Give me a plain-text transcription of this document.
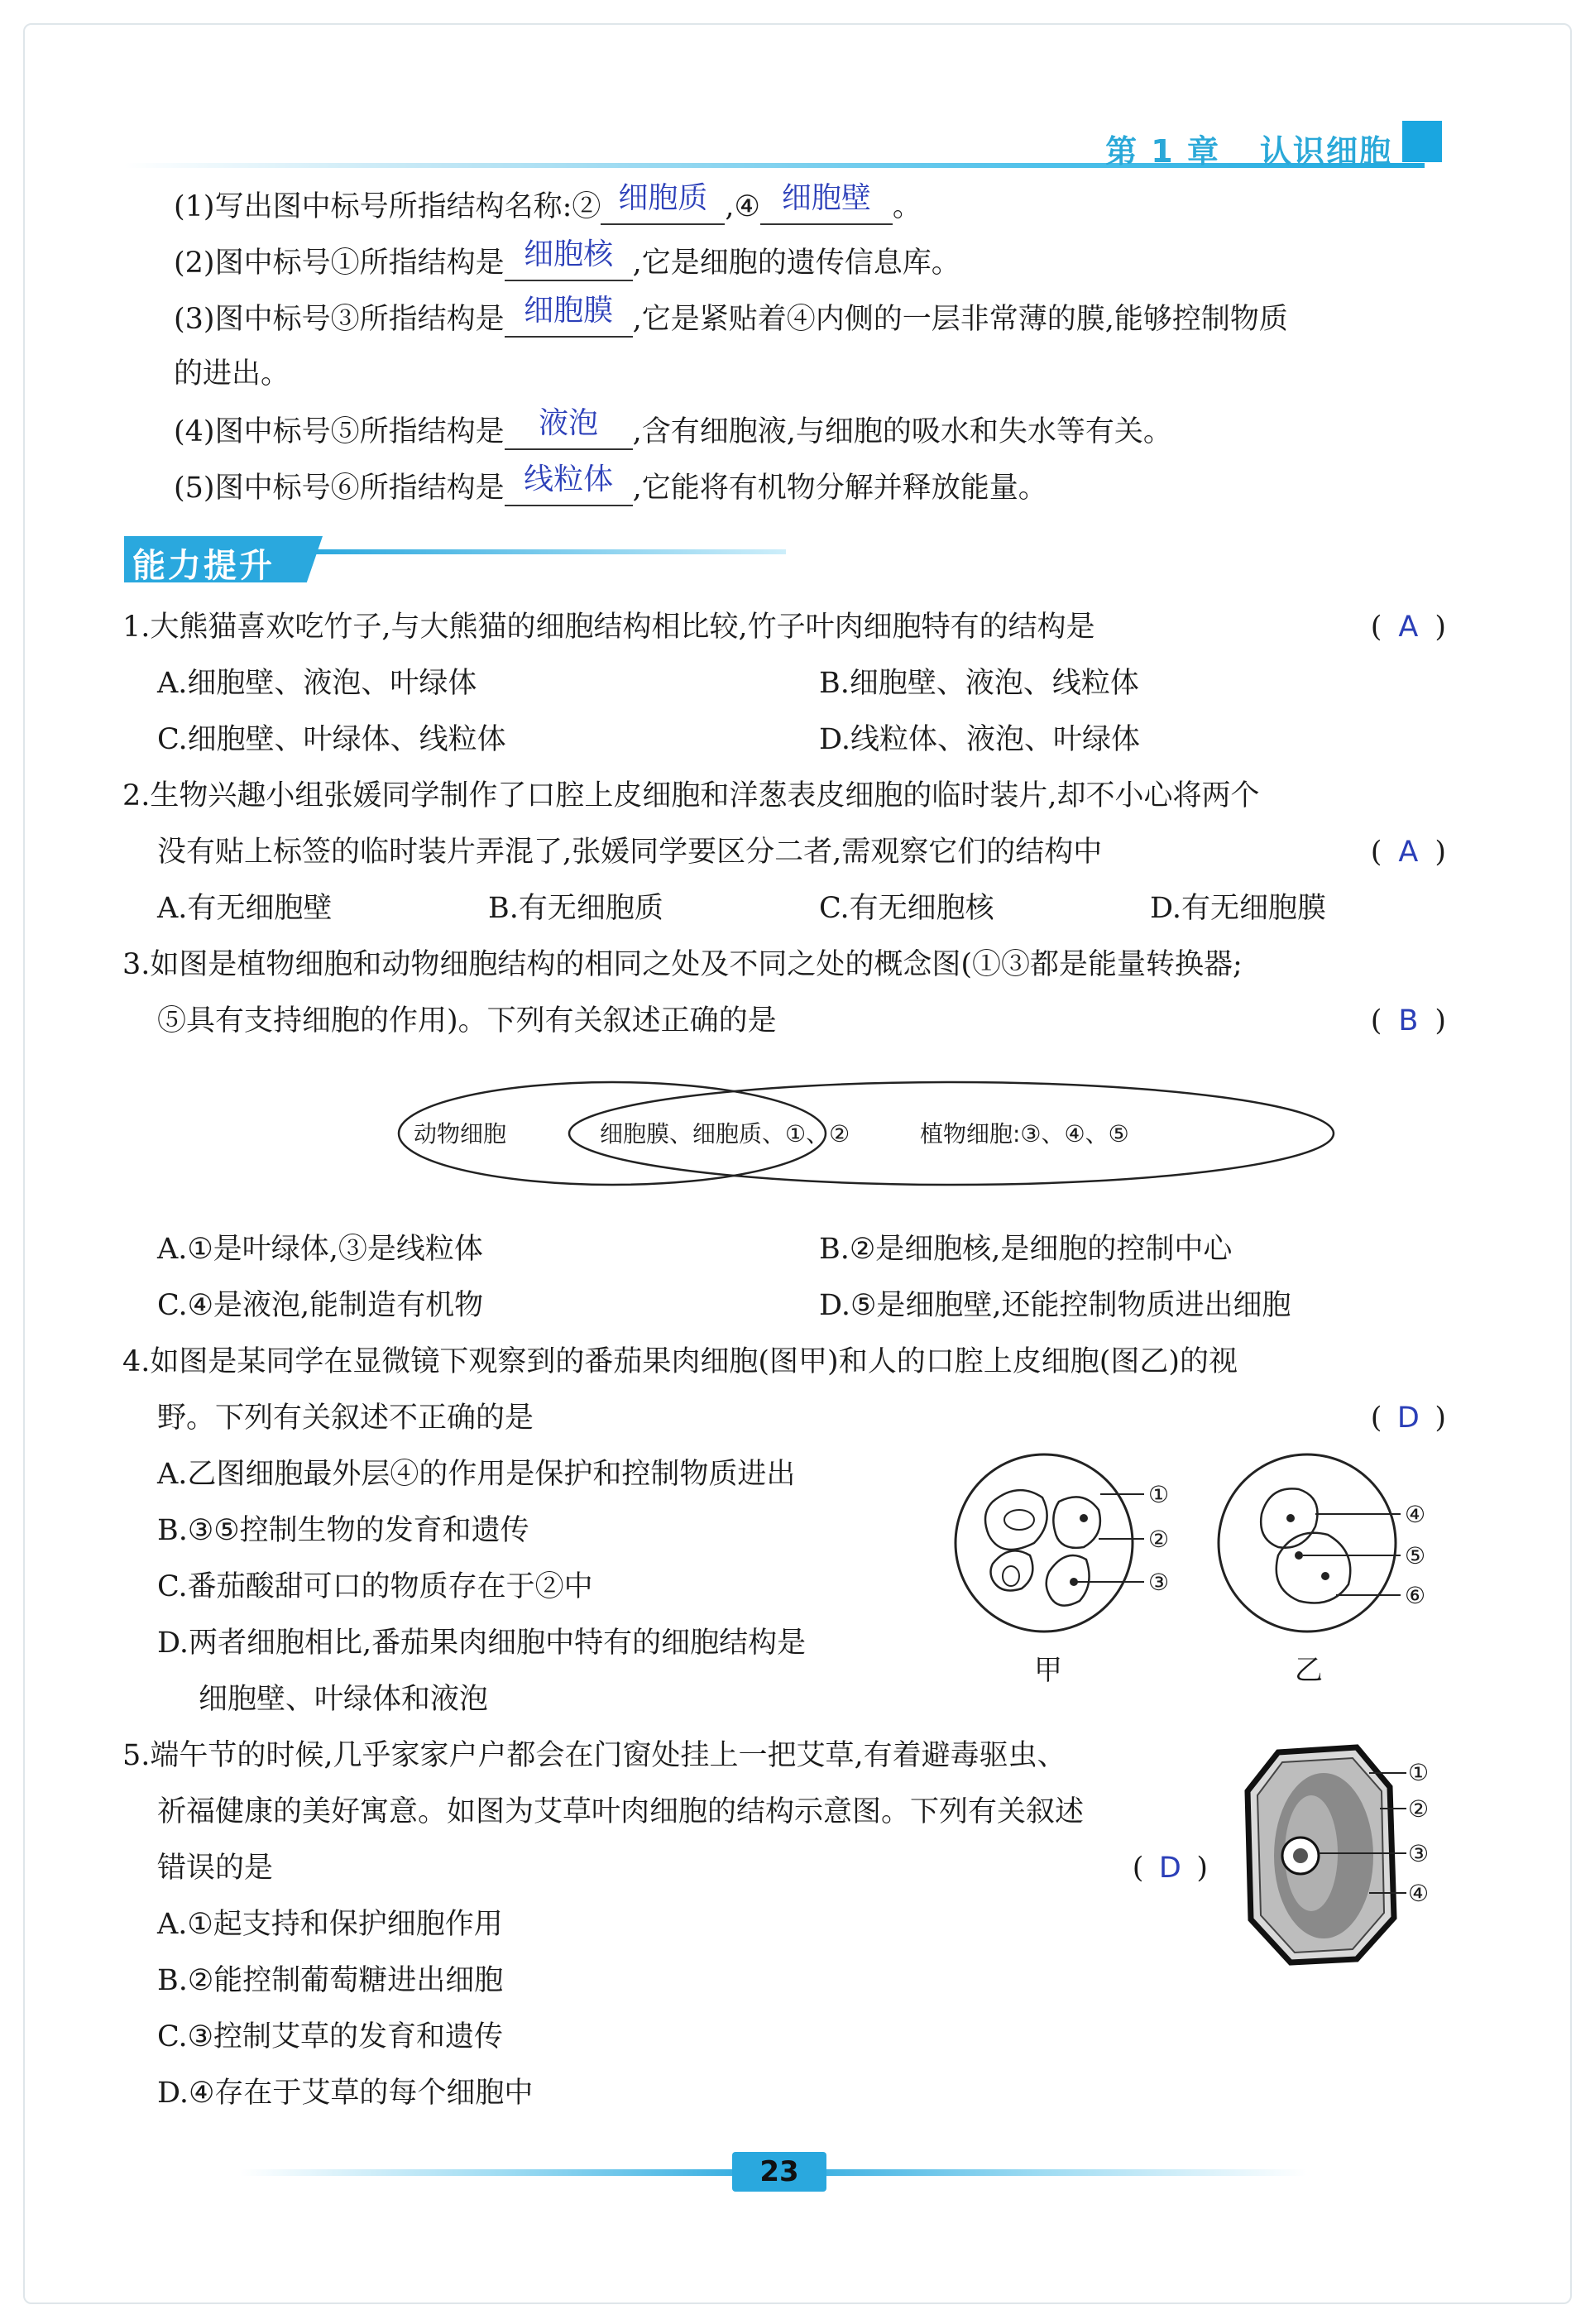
第 1 章 认识细胞
(1)写出图中标号所指结构名称:② 细胞质 ,④ 细胞壁 。
(2)图中标号①所指结构是 细胞核 ,它是细胞的遗传信息库。
(3)图中标号③所指结构是 细胞膜 ,它是紧贴着④内侧的一层非常薄的膜,能够控制物质
的进出。
(4)图中标号⑤所指结构是 液泡 ,含有细胞液,与细胞的吸水和失水等有关。
(5)图中标号⑥所指结构是 线粒体 ,它能将有机物分解并释放能量。
能力提升
1.大熊猫喜欢吃竹子,与大熊猫的细胞结构相比较,竹子叶肉细胞特有的结构是	( A )
A.细胞壁、液泡、叶绿体	B.细胞壁、液泡、线粒体
C.细胞壁、叶绿体、线粒体	D.线粒体、液泡、叶绿体
2.生物兴趣小组张媛同学制作了口腔上皮细胞和洋葱表皮细胞的临时装片,却不小心将两个
没有贴上标签的临时装片弄混了,张媛同学要区分二者,需观察它们的结构中	( A )
A.有无细胞壁	B.有无细胞质	C.有无细胞核	D.有无细胞膜
3.如图是植物细胞和动物细胞结构的相同之处及不同之处的概念图(①③都是能量转换器;
⑤具有支持细胞的作用)。下列有关叙述正确的是	( B )
动物细胞	细胞膜、细胞质、①、②	植物细胞:③、④、⑤
A.①是叶绿体,③是线粒体	B.②是细胞核,是细胞的控制中心
C.④是液泡,能制造有机物	D.⑤是细胞壁,还能控制物质进出细胞
4.如图是某同学在显微镜下观察到的番茄果肉细胞(图甲)和人的口腔上皮细胞(图乙)的视
野。下列有关叙述不正确的是	( D )
A.乙图细胞最外层④的作用是保护和控制物质进出
B.③⑤控制生物的发育和遗传
C.番茄酸甜可口的物质存在于②中
D.两者细胞相比,番茄果肉细胞中特有的细胞结构是
细胞壁、叶绿体和液泡
①
②
③
甲
④
⑤
⑥
乙
5.端午节的时候,几乎家家户户都会在门窗处挂上一把艾草,有着避毒驱虫、
祈福健康的美好寓意。如图为艾草叶肉细胞的结构示意图。下列有关叙述
错误的是	( D )
A.①起支持和保护细胞作用
B.②能控制葡萄糖进出细胞
C.③控制艾草的发育和遗传
D.④存在于艾草的每个细胞中
①
②
③
④
23
